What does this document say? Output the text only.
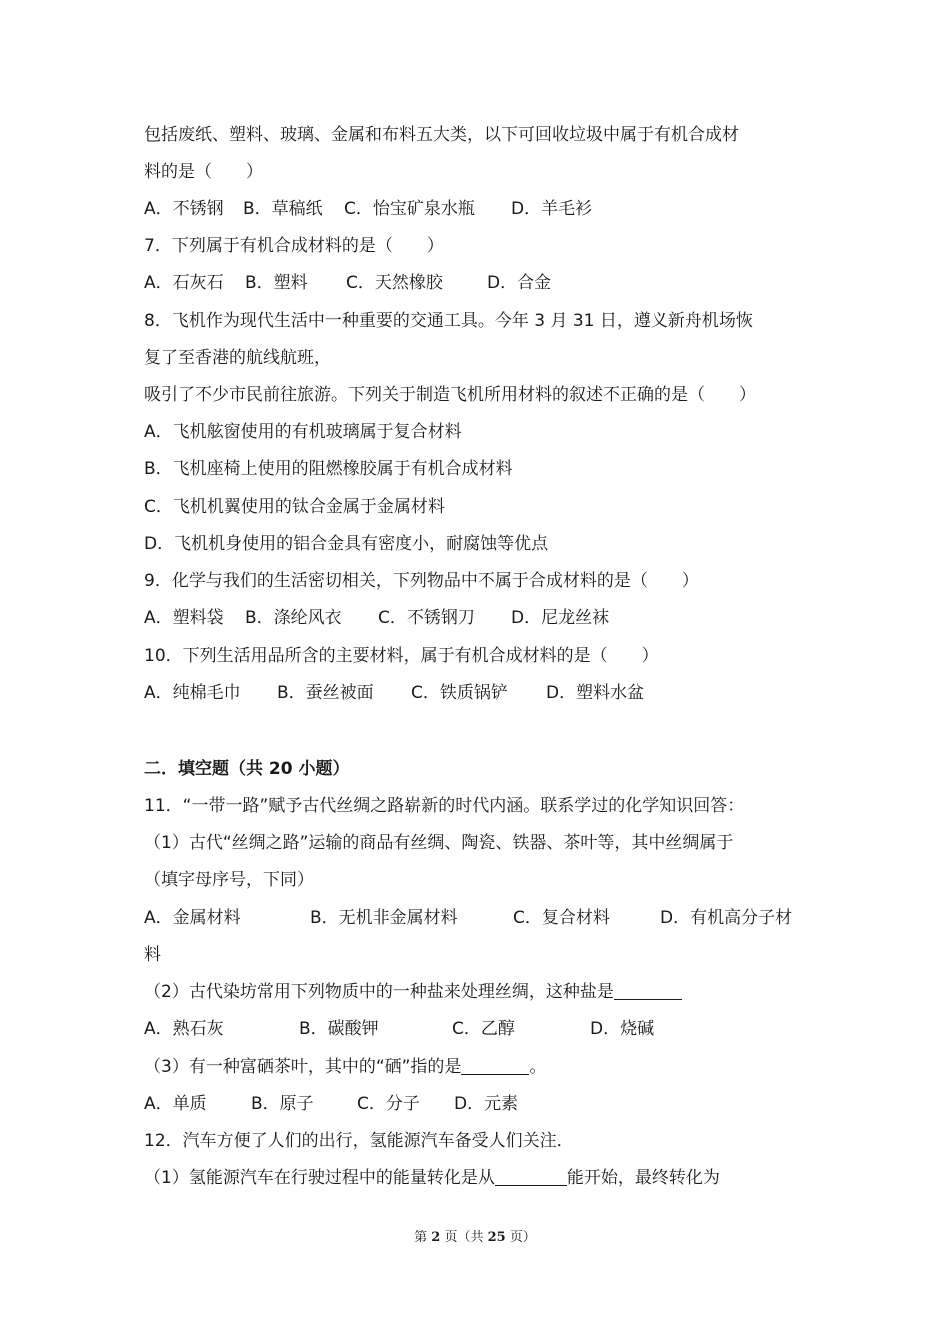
包括废纸、塑料、玻璃、金属和布料五大类，以下可回收垃圾中属于有机合成材
料的是（　　）
A．不锈钢	B．草稿纸	C．怡宝矿泉水瓶	D．羊毛衫
7．下列属于有机合成材料的是（　　）
A．石灰石	B．塑料	C．天然橡胶	D．合金
8．飞机作为现代生活中一种重要的交通工具。今年 3 月 31 日，遵义新舟机场恢
复了至香港的航线航班，
吸引了不少市民前往旅游。下列关于制造飞机所用材料的叙述不正确的是（　　）
A．飞机舷窗使用的有机玻璃属于复合材料
B．飞机座椅上使用的阻燃橡胶属于有机合成材料
C．飞机机翼使用的钛合金属于金属材料
D．飞机机身使用的铝合金具有密度小，耐腐蚀等优点
9．化学与我们的生活密切相关，下列物品中不属于合成材料的是（　　）
A．塑料袋	B．涤纶风衣	C．不锈钢刀	D．尼龙丝袜
10．下列生活用品所含的主要材料，属于有机合成材料的是（　　）
A．纯棉毛巾	B．蚕丝被面	C．铁质锅铲	D．塑料水盆
二．填空题（共 20 小题）
11．“一带一路”赋予古代丝绸之路崭新的时代内涵。联系学过的化学知识回答：
（1）古代“丝绸之路”运输的商品有丝绸、陶瓷、铁器、茶叶等，其中丝绸属于
（填字母序号，下同）
A．金属材料	B．无机非金属材料	C．复合材料	D．有机高分子材
料
（2）古代染坊常用下列物质中的一种盐来处理丝绸，这种盐是
A．熟石灰	B．碳酸钾	C．乙醇	D．烧碱
（3）有一种富硒茶叶，其中的“硒”指的是	。
A．单质	B．原子	C．分子	D．元素
12．汽车方便了人们的出行，氢能源汽车备受人们关注．
（1）氢能源汽车在行驶过程中的能量转化是从	能开始，最终转化为
第 2 页（共 25 页）
